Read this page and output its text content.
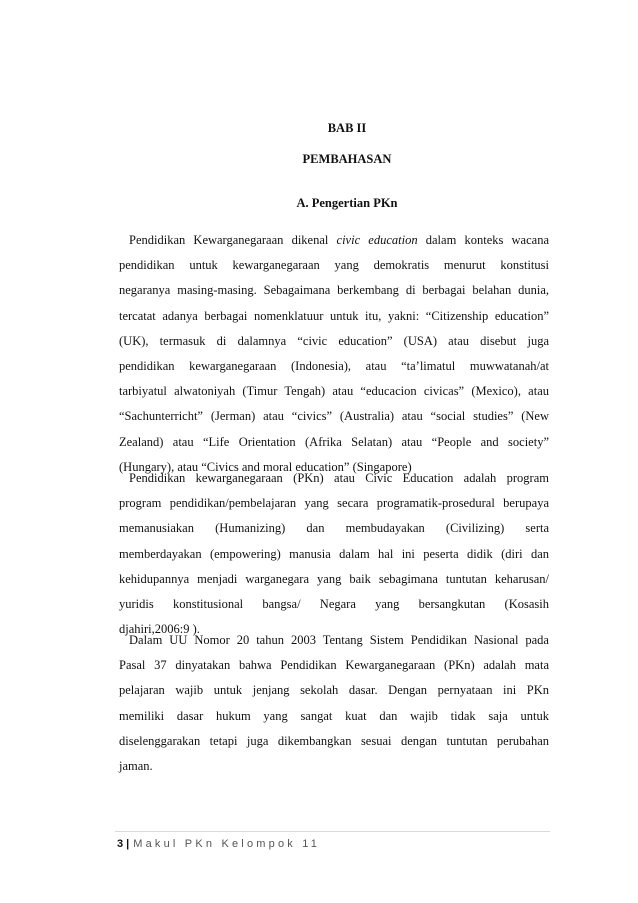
BAB II
PEMBAHASAN
A. Pengertian PKn
Pendidikan Kewarganegaraan dikenal civic education dalam konteks wacana
pendidikan untuk kewarganegaraan yang demokratis menurut konstitusi
negaranya masing-masing. Sebagaimana berkembang di berbagai belahan dunia,
tercatat adanya berbagai nomenklatuur untuk itu, yakni: “Citizenship education”
(UK), termasuk di dalamnya “civic education” (USA) atau disebut juga
pendidikan kewarganegaraan (Indonesia), atau “ta’limatul muwwatanah/at
tarbiyatul alwatoniyah (Timur Tengah) atau “educacion civicas” (Mexico), atau
“Sachunterricht” (Jerman) atau “civics” (Australia) atau “social studies” (New
Zealand) atau “Life Orientation (Afrika Selatan) atau “People and society”
(Hungary), atau “Civics and moral education” (Singapore)
Pendidikan kewarganegaraan (PKn) atau Civic Education adalah program
program pendidikan/pembelajaran yang secara programatik-prosedural berupaya
memanusiakan (Humanizing) dan membudayakan (Civilizing) serta
memberdayakan (empowering) manusia dalam hal ini peserta didik (diri dan
kehidupannya menjadi warganegara yang baik sebagimana tuntutan keharusan/
yuridis konstitusional bangsa/ Negara yang bersangkutan (Kosasih
djahiri,2006:9 ).
Dalam UU Nomor 20 tahun 2003 Tentang Sistem Pendidikan Nasional pada
Pasal 37 dinyatakan bahwa Pendidikan Kewarganegaraan (PKn) adalah mata
pelajaran wajib untuk jenjang sekolah dasar. Dengan pernyataan ini PKn
memiliki dasar hukum yang sangat kuat dan wajib tidak saja untuk
diselenggarakan tetapi juga dikembangkan sesuai dengan tuntutan perubahan
jaman.
3 | Makul PKn Kelompok 11
